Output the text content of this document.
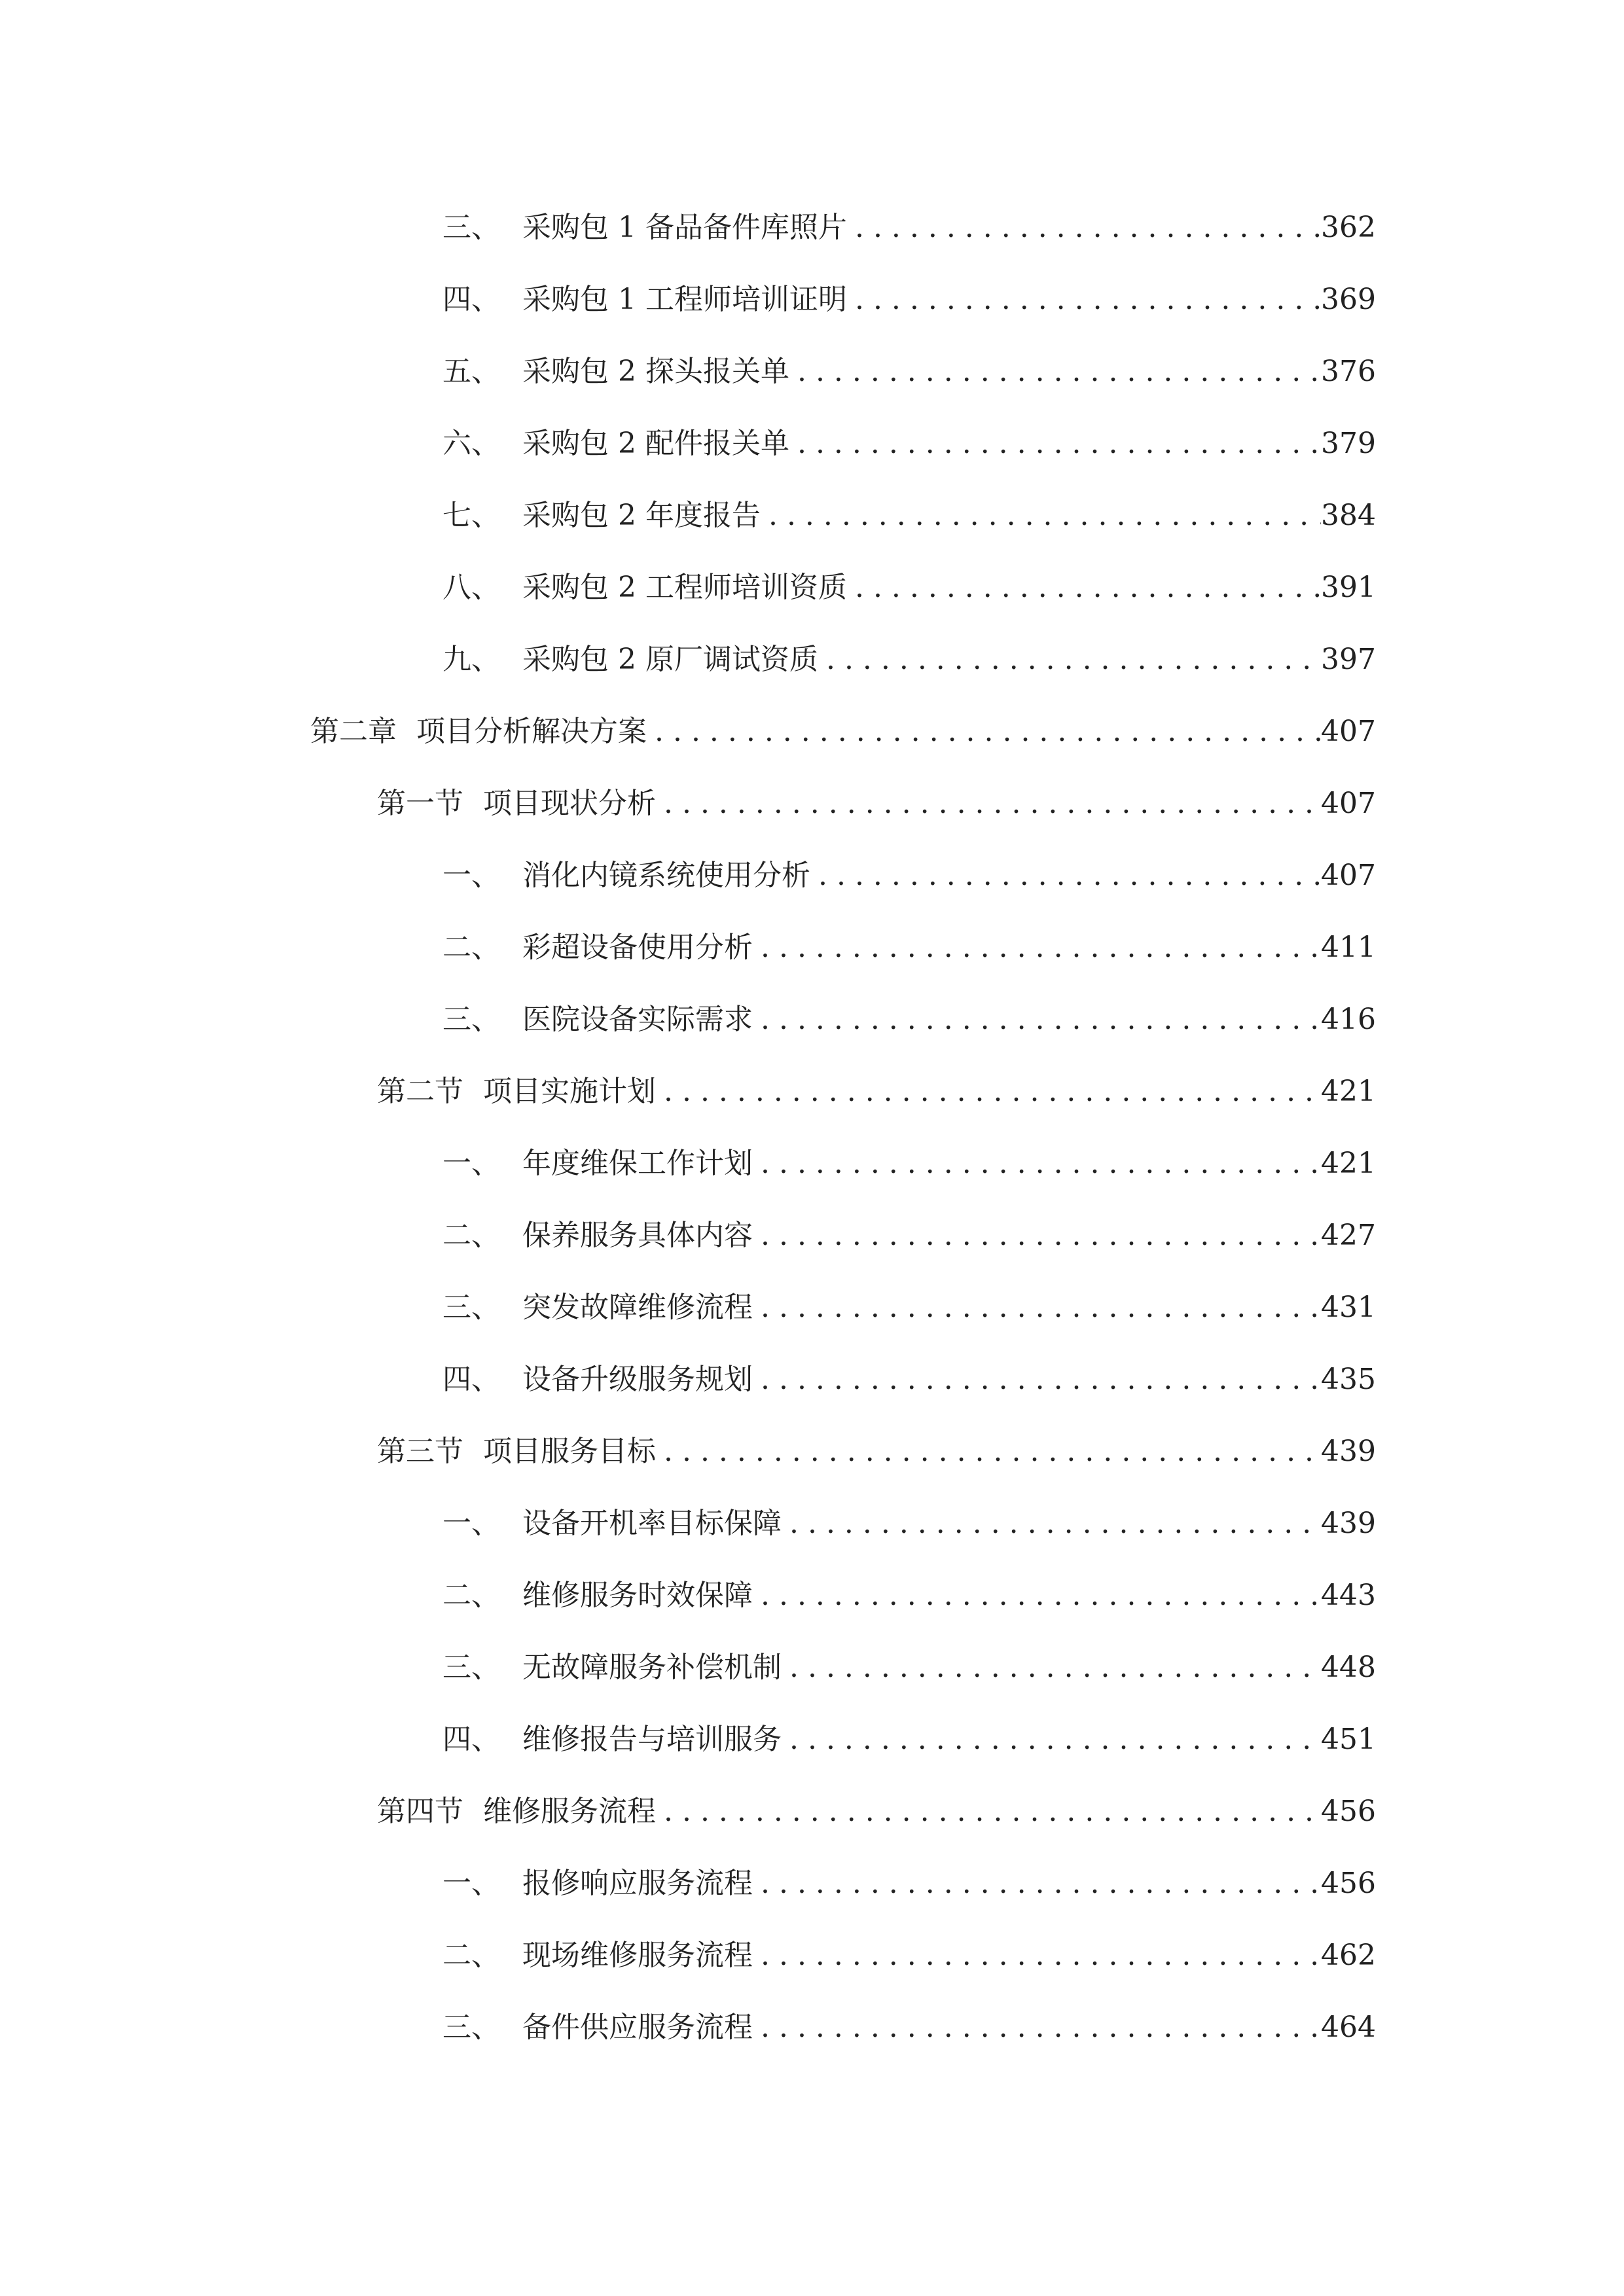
三、 采购包 1 备品备件库照片 . . .	362
四、 采购包 1 工程师培训证明 . . .	369
五、 采购包 2 探头报关单 . . .	376
六、 采购包 2 配件报关单 . . .	379
七、 采购包 2 年度报告 . . .	384
八、 采购包 2 工程师培训资质 . . .	391
九、 采购包 2 原厂调试资质 . . .	397
第二章 项目分析解决方案 . . .	407
第一节 项目现状分析 . . .	407
一、 消化内镜系统使用分析 . . .	407
二、 彩超设备使用分析 . . .	411
三、 医院设备实际需求 . . .	416
第二节 项目实施计划 . . .	421
一、 年度维保工作计划 . . .	421
二、 保养服务具体内容 . . .	427
三、 突发故障维修流程 . . .	431
四、 设备升级服务规划 . . .	435
第三节 项目服务目标 . . .	439
一、 设备开机率目标保障 . . .	439
二、 维修服务时效保障 . . .	443
三、 无故障服务补偿机制 . . .	448
四、 维修报告与培训服务 . . .	451
第四节 维修服务流程 . . .	456
一、 报修响应服务流程 . . .	456
二、 现场维修服务流程 . . .	462
三、 备件供应服务流程 . . .	464
